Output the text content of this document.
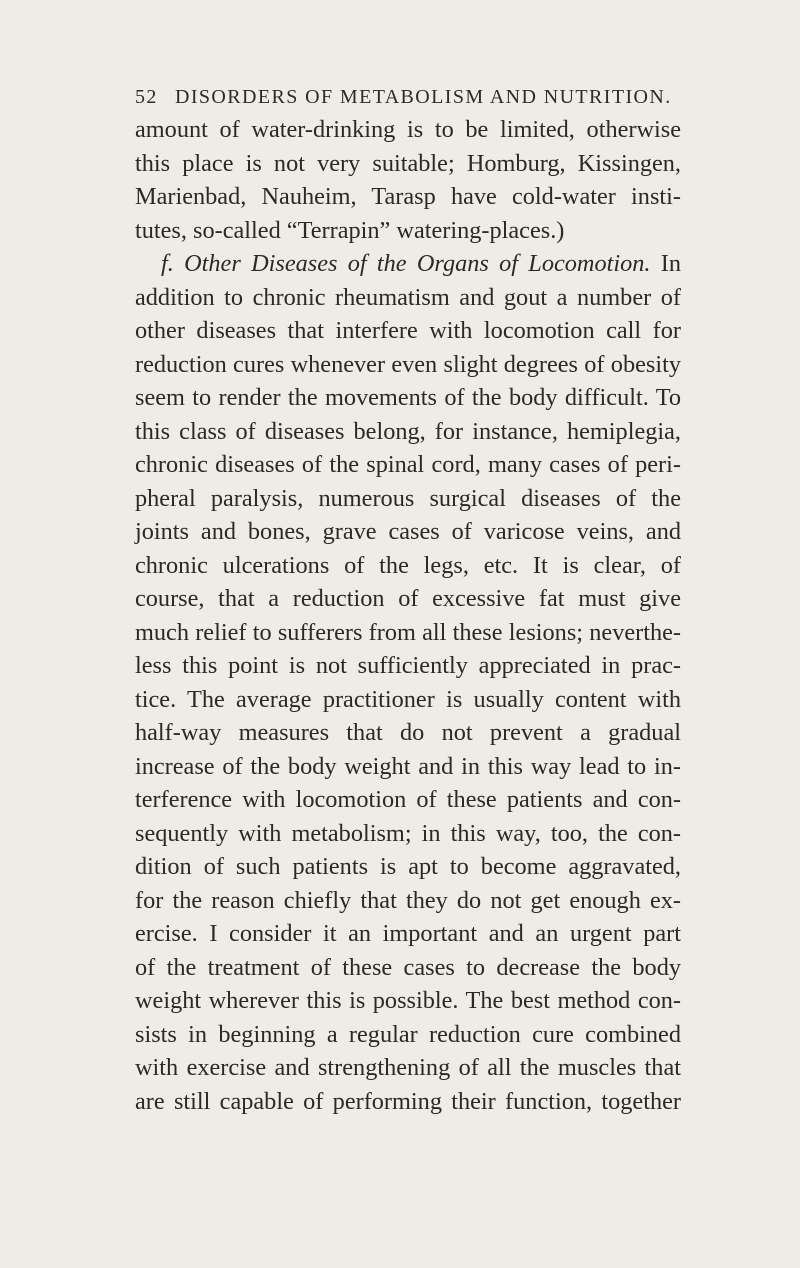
52 DISORDERS OF METABOLISM AND NUTRITION.
amount of water-drinking is to be limited, otherwise
this place is not very suitable; Homburg, Kissingen,
Marienbad, Nauheim, Tarasp have cold-water insti-
tutes, so-called “Terrapin” watering-places.)
f. Other Diseases of the Organs of Locomotion. In
addition to chronic rheumatism and gout a number of
other diseases that interfere with locomotion call for
reduction cures whenever even slight degrees of obesity
seem to render the movements of the body difficult. To
this class of diseases belong, for instance, hemiplegia,
chronic diseases of the spinal cord, many cases of peri-
pheral paralysis, numerous surgical diseases of the
joints and bones, grave cases of varicose veins, and
chronic ulcerations of the legs, etc. It is clear, of
course, that a reduction of excessive fat must give
much relief to sufferers from all these lesions; neverthe-
less this point is not sufficiently appreciated in prac-
tice. The average practitioner is usually content with
half-way measures that do not prevent a gradual
increase of the body weight and in this way lead to in-
terference with locomotion of these patients and con-
sequently with metabolism; in this way, too, the con-
dition of such patients is apt to become aggravated,
for the reason chiefly that they do not get enough ex-
ercise. I consider it an important and an urgent part
of the treatment of these cases to decrease the body
weight wherever this is possible. The best method con-
sists in beginning a regular reduction cure combined
with exercise and strengthening of all the muscles that
are still capable of performing their function, together
